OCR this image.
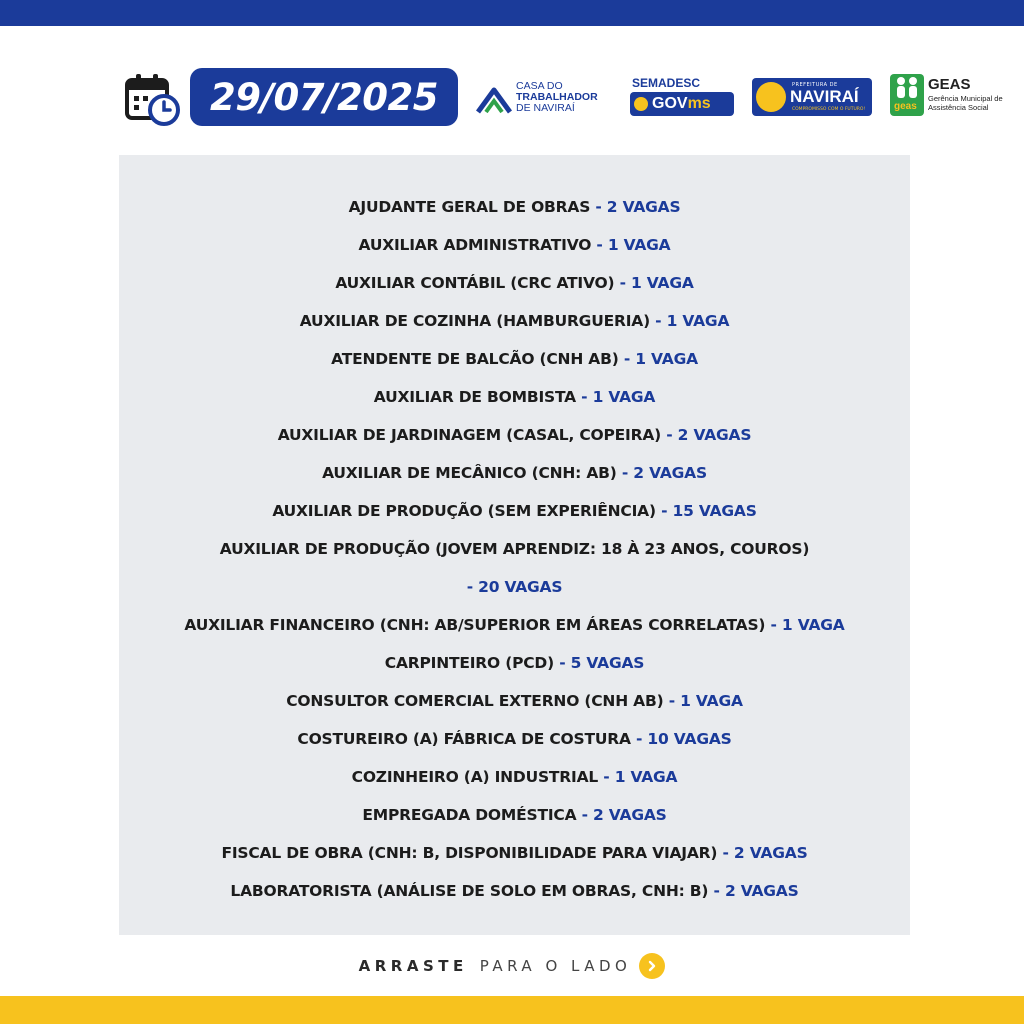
29/07/2025	CASA DO
TRABALHADOR
DE NAVIRAÍ
SEMADESC
GOVms
PREFEITURA DE
NAVIRAÍ
COMPROMISSO COM O FUTURO!	geas
GEAS
Gerência Municipal de Assistência Social
AJUDANTE GERAL DE OBRAS - 2 VAGAS
AUXILIAR ADMINISTRATIVO - 1 VAGA
AUXILIAR CONTÁBIL (CRC ATIVO) - 1 VAGA
AUXILIAR DE COZINHA (HAMBURGUERIA) - 1 VAGA
ATENDENTE DE BALCÃO (CNH AB) - 1 VAGA
AUXILIAR DE BOMBISTA - 1 VAGA
AUXILIAR DE JARDINAGEM (CASAL, COPEIRA) - 2 VAGAS
AUXILIAR DE MECÂNICO (CNH: AB) - 2 VAGAS
AUXILIAR DE PRODUÇÃO (SEM EXPERIÊNCIA) - 15 VAGAS
AUXILIAR DE PRODUÇÃO (JOVEM APRENDIZ: 18 À 23 ANOS, COUROS)
- 20 VAGAS
AUXILIAR FINANCEIRO (CNH: AB/SUPERIOR EM ÁREAS CORRELATAS) - 1 VAGA
CARPINTEIRO (PCD) - 5 VAGAS
CONSULTOR COMERCIAL EXTERNO (CNH AB) - 1 VAGA
COSTUREIRO (A) FÁBRICA DE COSTURA - 10 VAGAS
COZINHEIRO (A) INDUSTRIAL - 1 VAGA
EMPREGADA DOMÉSTICA - 2 VAGAS
FISCAL DE OBRA (CNH: B, DISPONIBILIDADE PARA VIAJAR) - 2 VAGAS
LABORATORISTA (ANÁLISE DE SOLO EM OBRAS, CNH: B) - 2 VAGAS
ARRASTE PARA O LADO
